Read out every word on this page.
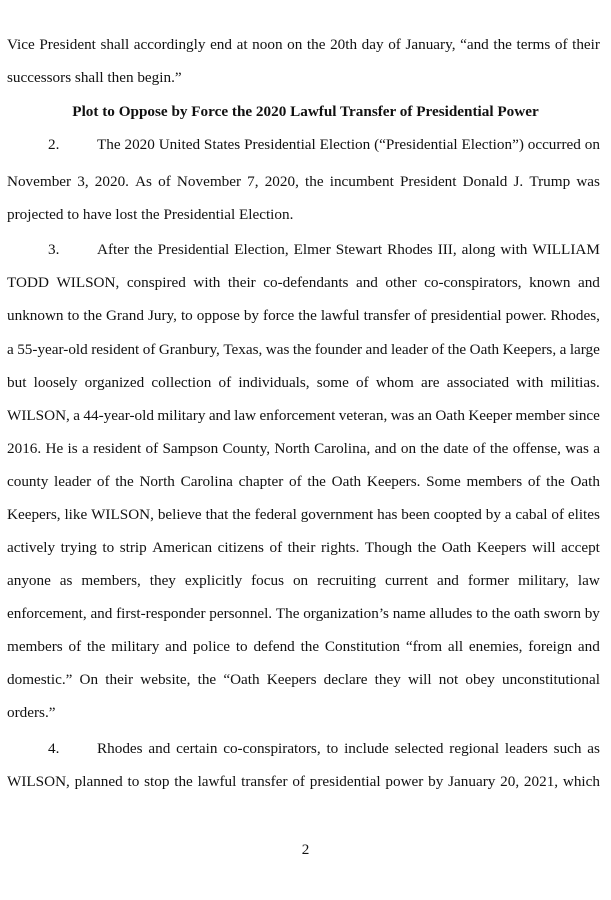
Vice President shall accordingly end at noon on the 20th day of January, “and the terms of their
successors shall then begin.”
Plot to Oppose by Force the 2020 Lawful Transfer of Presidential Power
2.	The 2020 United States Presidential Election (“Presidential Election”) occurred on
November 3, 2020. As of November 7, 2020, the incumbent President Donald J. Trump was
projected to have lost the Presidential Election.
3.	After the Presidential Election, Elmer Stewart Rhodes III, along with WILLIAM
TODD WILSON, conspired with their co-defendants and other co-conspirators, known and
unknown to the Grand Jury, to oppose by force the lawful transfer of presidential power. Rhodes,
a 55-year-old resident of Granbury, Texas, was the founder and leader of the Oath Keepers, a large
but loosely organized collection of individuals, some of whom are associated with militias.
WILSON, a 44-year-old military and law enforcement veteran, was an Oath Keeper member since
2016. He is a resident of Sampson County, North Carolina, and on the date of the offense, was a
county leader of the North Carolina chapter of the Oath Keepers. Some members of the Oath
Keepers, like WILSON, believe that the federal government has been coopted by a cabal of elites
actively trying to strip American citizens of their rights. Though the Oath Keepers will accept
anyone as members, they explicitly focus on recruiting current and former military, law
enforcement, and first-responder personnel. The organization’s name alludes to the oath sworn by
members of the military and police to defend the Constitution “from all enemies, foreign and
domestic.” On their website, the “Oath Keepers declare they will not obey unconstitutional
orders.”
4.	Rhodes and certain co-conspirators, to include selected regional leaders such as
WILSON, planned to stop the lawful transfer of presidential power by January 20, 2021, which
2
